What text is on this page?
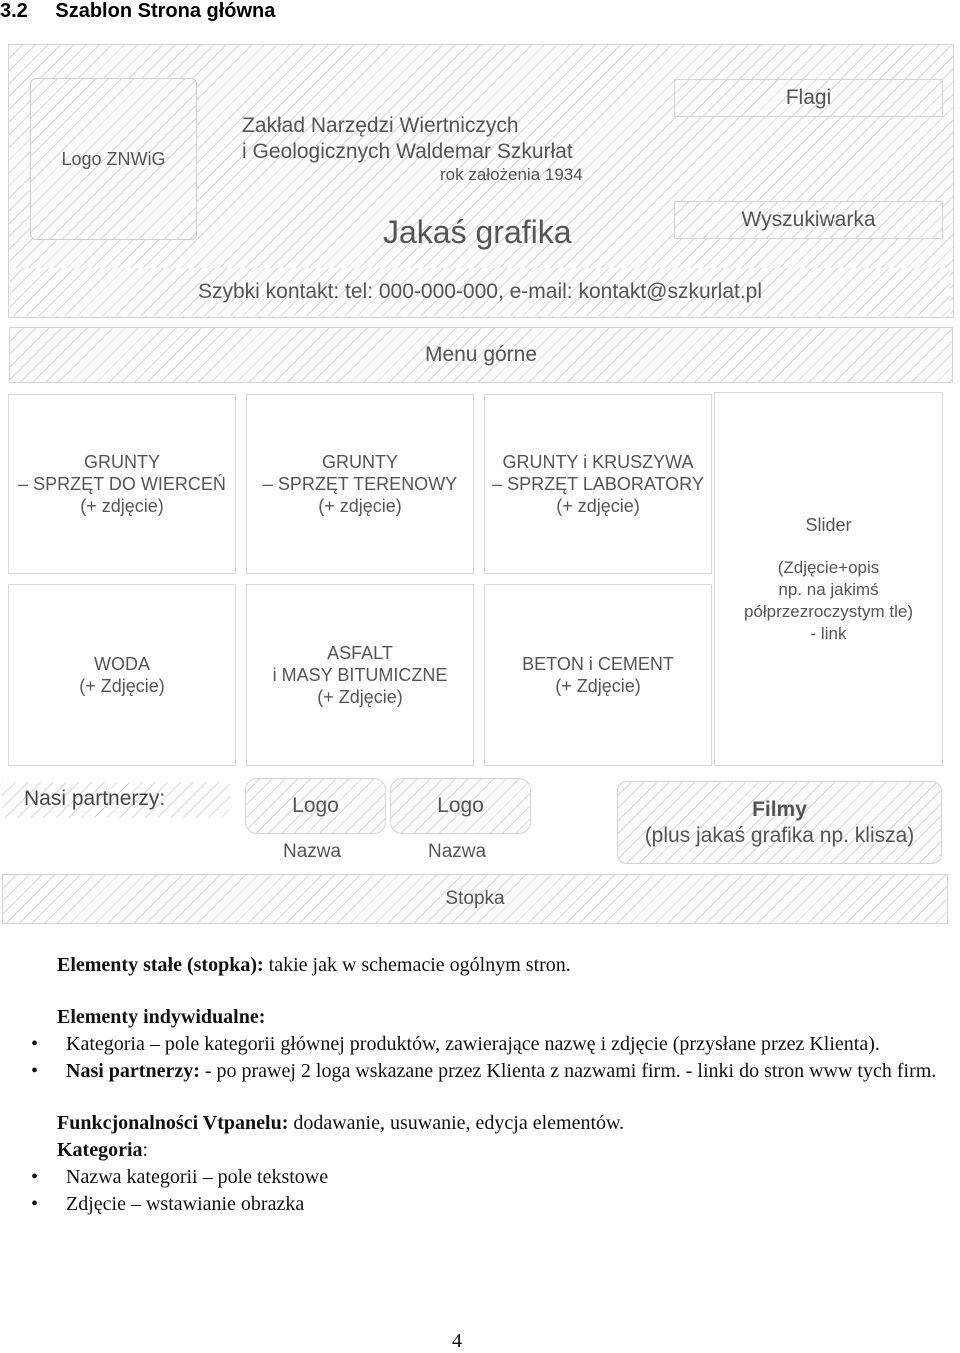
3.2 Szablon Strona główna
Logo ZNWiG
Zakład Narzędzi Wiertniczych
i Geologicznych Waldemar Szkurłat
rok założenia 1934
Jakaś grafika
Flagi
Wyszukiwarka
Szybki kontakt: tel: 000-000-000, e-mail: kontakt@szkurlat.pl
Menu górne
GRUNTY
– SPRZĘT DO WIERCEŃ
(+ zdjęcie)
GRUNTY
– SPRZĘT TERENOWY
(+ zdjęcie)
GRUNTY i KRUSZYWA
– SPRZĘT LABORATORY
(+ zdjęcie)
WODA
(+ Zdjęcie)
ASFALT
i MASY BITUMICZNE
(+ Zdjęcie)
BETON i CEMENT
(+ Zdjęcie)
Slider
(Zdjęcie+opis
np. na jakimś
półprzezroczystym tle)
- link
Nasi partnerzy:	Logo
Nazwa
Logo
Nazwa
Filmy
(plus jakaś grafika np. klisza)
Stopka
Elementy stałe (stopka): takie jak w schemacie ogólnym stron.
Elementy indywidualne:
• Kategoria – pole kategorii głównej produktów, zawierające nazwę i zdjęcie (przysłane przez Klienta).
• Nasi partnerzy: - po prawej 2 loga wskazane przez Klienta z nazwami firm. - linki do stron www tych firm.
Funkcjonalności Vtpanelu: dodawanie, usuwanie, edycja elementów.
Kategoria:
• Nazwa kategorii – pole tekstowe
• Zdjęcie – wstawianie obrazka
4
